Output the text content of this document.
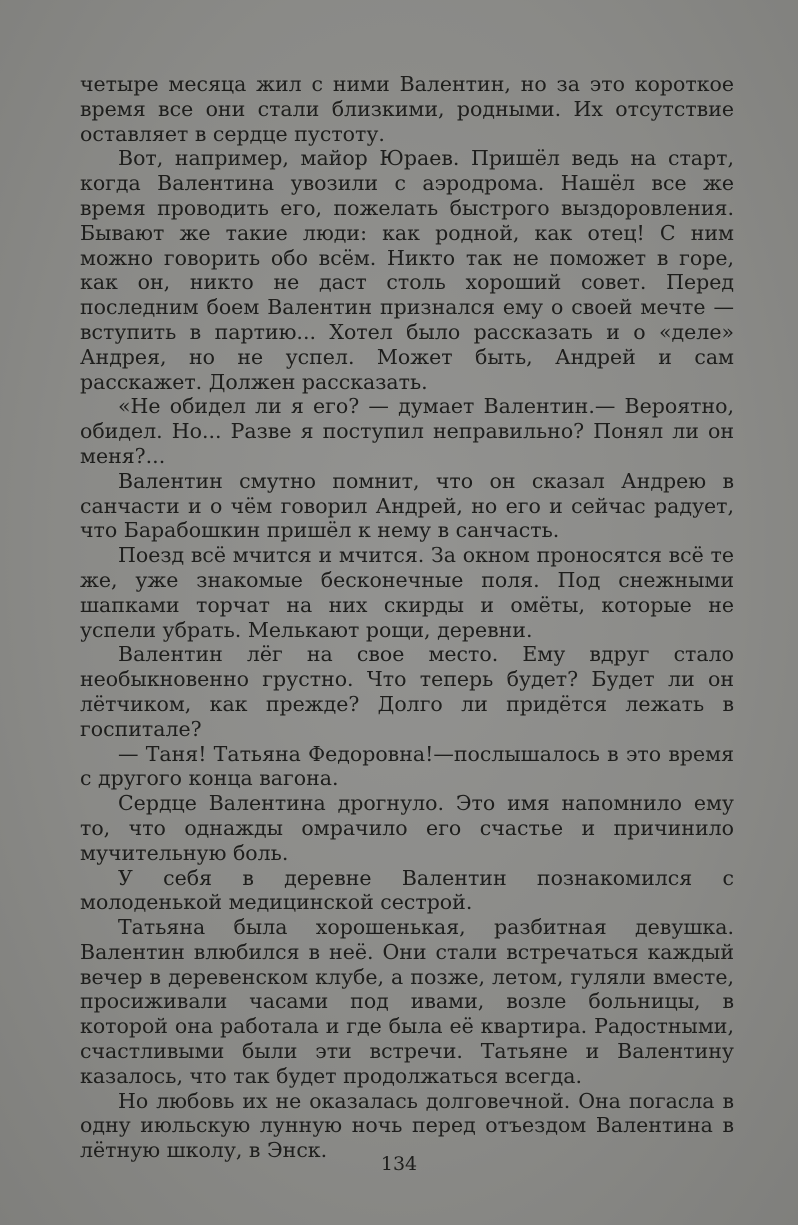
четыре месяца жил с ними Валентин, но за это короткое время все они стали близкими, родными. Их отсутствие оставляет в сердце пустоту.

Вот, например, майор Юраев. Пришёл ведь на старт, когда Валентина увозили с аэродрома. Нашёл все же время проводить его, пожелать быстрого выздоровления. Бывают же такие люди: как родной, как отец! С ним можно говорить обо всём. Никто так не поможет в горе, как он, никто не даст столь хороший совет. Перед последним боем Валентин признался ему о своей мечте — вступить в партию... Хотел было рассказать и о «деле» Андрея, но не успел. Может быть, Андрей и сам расскажет. Должен рассказать.

«Не обидел ли я его? — думает Валентин.— Вероятно, обидел. Но... Разве я поступил неправильно? Понял ли он меня?...

Валентин смутно помнит, что он сказал Андрею в санчасти и о чём говорил Андрей, но его и сейчас радует, что Барабошкин пришёл к нему в санчасть.

Поезд всё мчится и мчится. За окном проносятся всё те же, уже знакомые бесконечные поля. Под снежными шапками торчат на них скирды и омёты, которые не успели убрать. Мелькают рощи, деревни.

Валентин лёг на свое место. Ему вдруг стало необыкновенно грустно. Что теперь будет? Будет ли он лётчиком, как прежде? Долго ли придётся лежать в госпитале?

— Таня! Татьяна Федоровна!—послышалось в это время с другого конца вагона.

Сердце Валентина дрогнуло. Это имя напомнило ему то, что однажды омрачило его счастье и причинило мучительную боль.

У себя в деревне Валентин познакомился с молоденькой медицинской сестрой.

Татьяна была хорошенькая, разбитная девушка. Валентин влюбился в неё. Они стали встречаться каждый вечер в деревенском клубе, а позже, летом, гуляли вместе, просиживали часами под ивами, возле больницы, в которой она работала и где была её квартира. Радостными, счастливыми были эти встречи. Татьяне и Валентину казалось, что так будет продолжаться всегда.

Но любовь их не оказалась долговечной. Она погасла в одну июльскую лунную ночь перед отъездом Валентина в лётную школу, в Энск.

134
